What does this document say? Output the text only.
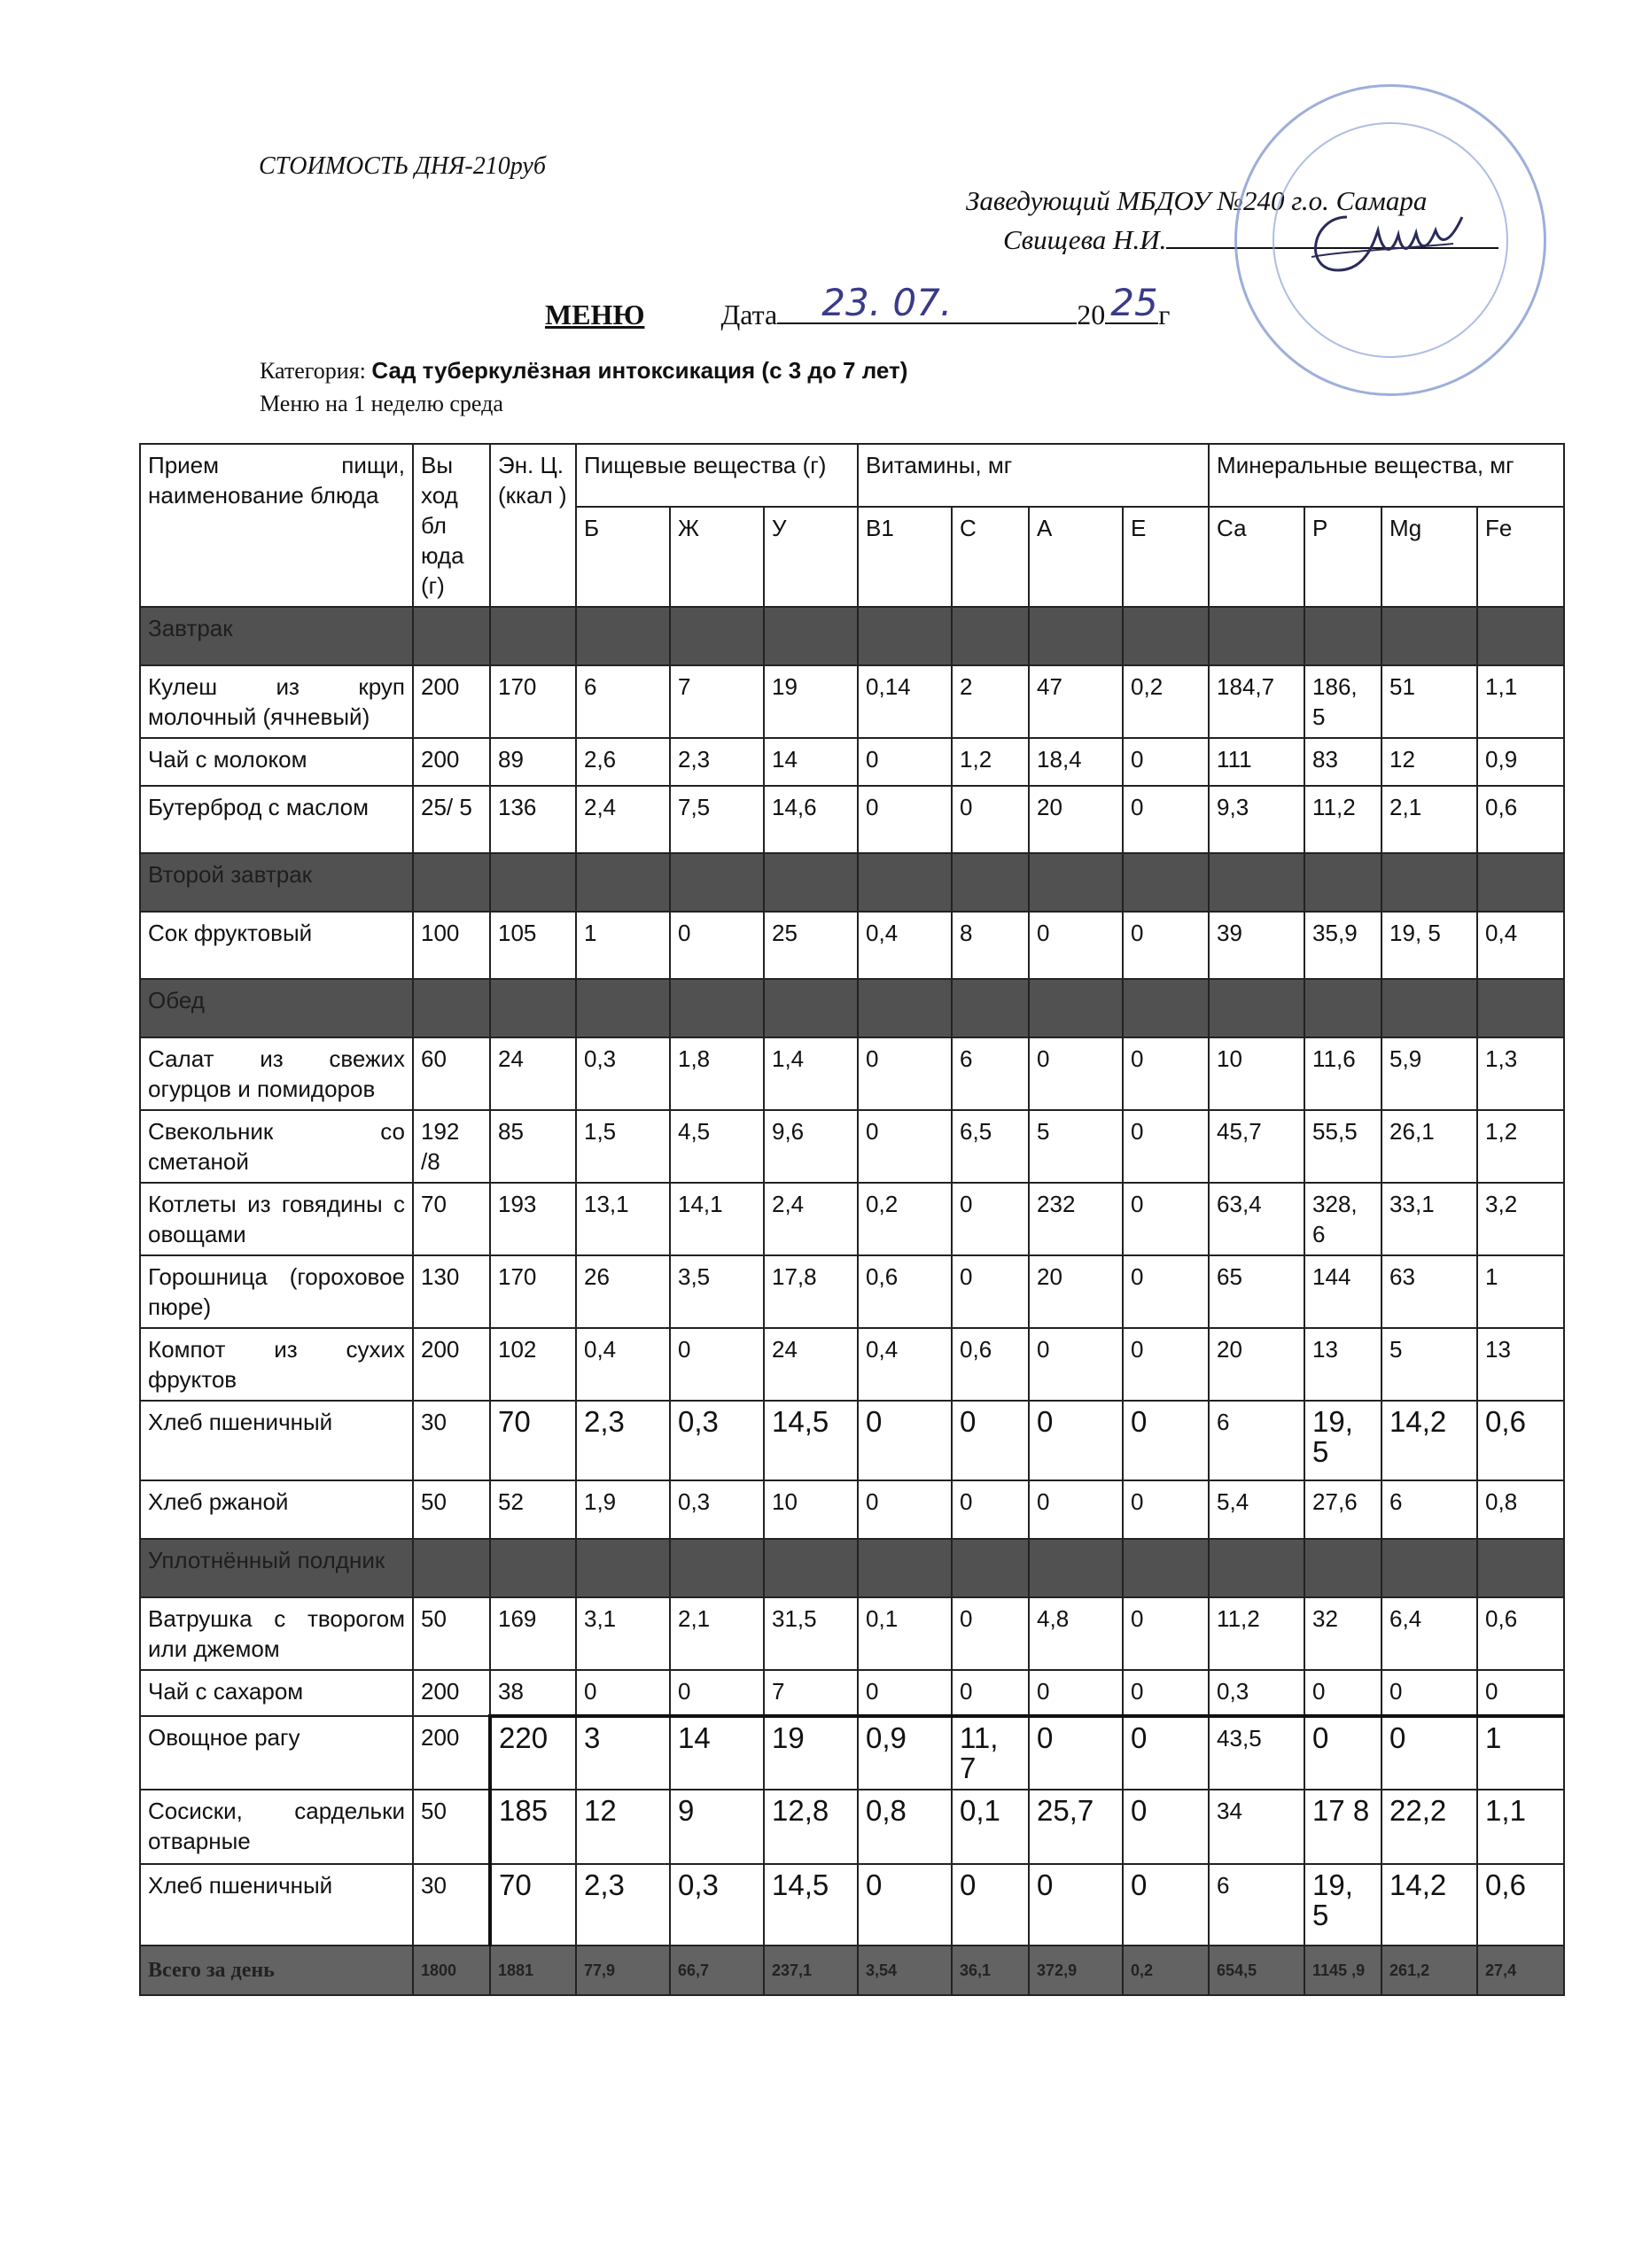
СТОИМОСТЬ ДНЯ-210руб
Заведующий МБДОУ №240 г.о. Самара
Свищева Н.И.
МЕНЮ	Дата 23. 07.	20 25 г
Категория: Сад туберкулёзная интоксикация (с 3 до 7 лет)
Меню на 1 неделю среда
Прием пищи, наименование блюда	Вы ход бл юда (г)	Эн. Ц. (ккал )	Пищевые вещества (г)			Витамины, мг				Минеральные вещества, мг			
			Б	Ж	У	В1	С	А	Е	Са	Р	Mg	Fe
Завтрак													
Кулеш из круп молочный (ячневый)	200	170	6	7	19	0,14	2	47	0,2	184,7	186, 5	51	1,1
Чай с молоком	200	89	2,6	2,3	14	0	1,2	18,4	0	111	83	12	0,9
Бутерброд с маслом	25/ 5	136	2,4	7,5	14,6	0	0	20	0	9,3	11,2	2,1	0,6
Второй завтрак													
Сок фруктовый	100	105	1	0	25	0,4	8	0	0	39	35,9	19, 5	0,4
Обед													
Салат из свежих огурцов и помидоров	60	24	0,3	1,8	1,4	0	6	0	0	10	11,6	5,9	1,3
Свекольник со сметаной	192 /8	85	1,5	4,5	9,6	0	6,5	5	0	45,7	55,5	26,1	1,2
Котлеты из говядины с овощами	70	193	13,1	14,1	2,4	0,2	0	232	0	63,4	328, 6	33,1	3,2
Горошница (гороховое пюре)	130	170	26	3,5	17,8	0,6	0	20	0	65	144	63	1
Компот из сухих фруктов	200	102	0,4	0	24	0,4	0,6	0	0	20	13	5	13
Хлеб пшеничный	30	70	2,3	0,3	14,5	0	0	0	0	6	19, 5	14,2	0,6
Хлеб ржаной	50	52	1,9	0,3	10	0	0	0	0	5,4	27,6	6	0,8
Уплотнённый полдник													
Ватрушка с творогом или джемом	50	169	3,1	2,1	31,5	0,1	0	4,8	0	11,2	32	6,4	0,6
Чай с сахаром	200	38	0	0	7	0	0	0	0	0,3	0	0	0
Овощное рагу	200	220	3	14	19	0,9	11, 7	0	0	43,5	0	0	1
Сосиски, сардельки отварные	50	185	12	9	12,8	0,8	0,1	25,7	0	34	17 8	22,2	1,1
Хлеб пшеничный	30	70	2,3	0,3	14,5	0	0	0	0	6	19, 5	14,2	0,6
Всего за день	1800	1881	77,9	66,7	237,1	3,54	36,1	372,9	0,2	654,5	1145 ,9	261,2	27,4
